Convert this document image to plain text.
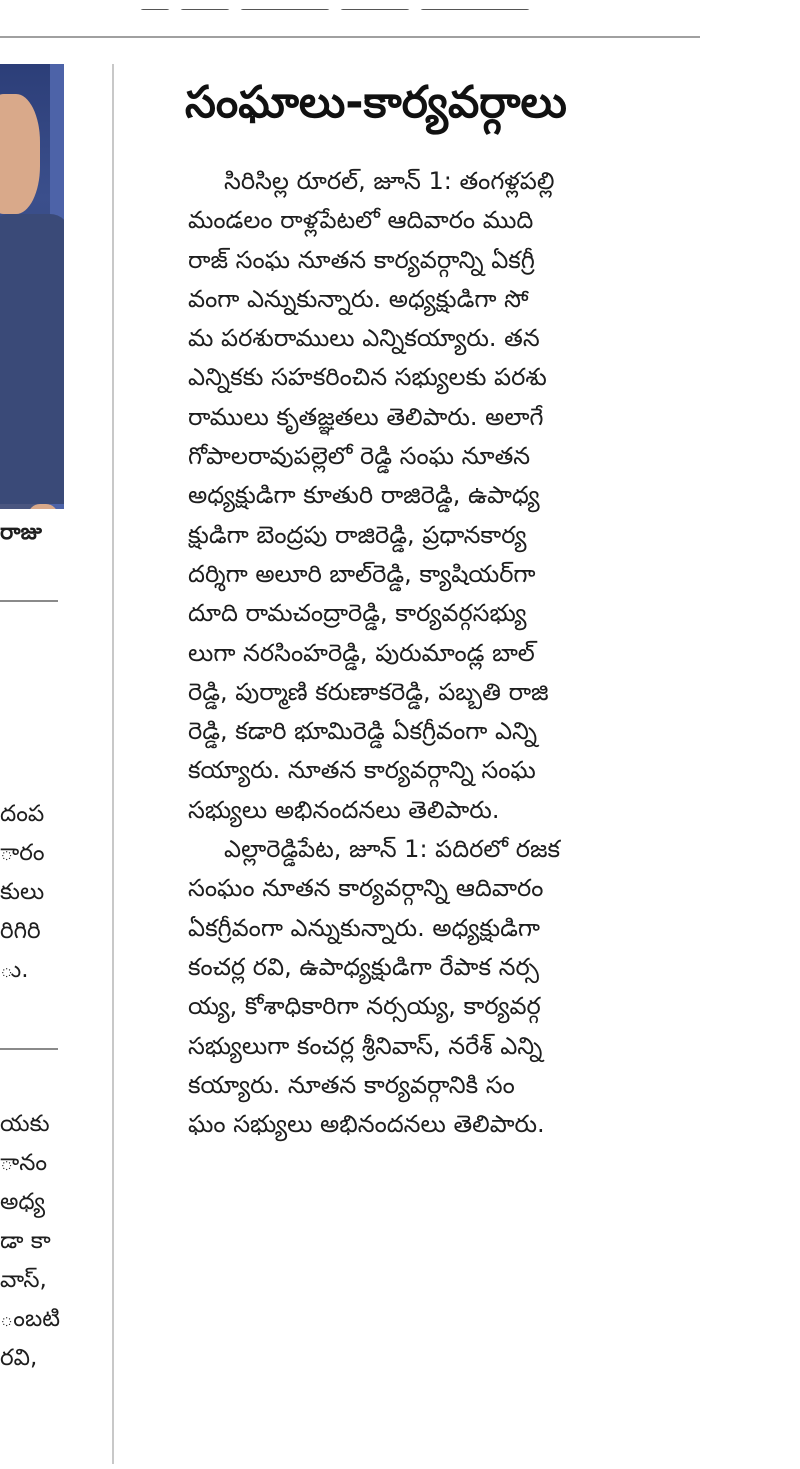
రాజు
దంప
ారం
కులు
రిగిరి
ు.
యకు
ానం
అధ్య
డా కా
వాస్,
ంబటి
రవి,
సంఘాలు-కార్యవర్గాలు
సిరిసిల్ల రూరల్, జూన్ 1: తంగళ్లపల్లి
మండలం రాళ్లపేటలో ఆదివారం ముది
రాజ్ సంఘ నూతన కార్యవర్గాన్ని ఏకగ్రీ
వంగా ఎన్నుకున్నారు. అధ్యక్షుడిగా సో
మ పరశురాములు ఎన్నికయ్యారు. తన
ఎన్నికకు సహకరించిన సభ్యులకు పరశు
రాములు కృతజ్ఞతలు తెలిపారు. అలాగే
గోపాలరావుపల్లెలో రెడ్డి సంఘ నూతన
అధ్యక్షుడిగా కూతురి రాజిరెడ్డి, ఉపాధ్య
క్షుడిగా బెంద్రపు రాజిరెడ్డి, ప్రధానకార్య
దర్శిగా అలూరి బాల్‌రెడ్డి, క్యాషియర్‌గా
దూది రామచంద్రారెడ్డి, కార్యవర్గసభ్యు
లుగా నరసింహరెడ్డి, పురుమాండ్ల బాల్
రెడ్డి, పుర్మాణి కరుణాకరెడ్డి, పబ్బతి రాజి
రెడ్డి, కడారి భూమిరెడ్డి ఏకగ్రీవంగా ఎన్ని
కయ్యారు. నూతన కార్యవర్గాన్ని సంఘ
సభ్యులు అభినందనలు తెలిపారు.
ఎల్లారెడ్డిపేట, జూన్ 1: పదిరలో రజక
సంఘం నూతన కార్యవర్గాన్ని ఆదివారం
ఏకగ్రీవంగా ఎన్నుకున్నారు. అధ్యక్షుడిగా
కంచర్ల రవి, ఉపాధ్యక్షుడిగా రేపాక నర్స
య్య, కోశాధికారిగా నర్సయ్య, కార్యవర్గ
సభ్యులుగా కంచర్ల శ్రీనివాస్, నరేశ్ ఎన్ని
కయ్యారు. నూతన కార్యవర్గానికి సం
ఘం సభ్యులు అభినందనలు తెలిపారు.
